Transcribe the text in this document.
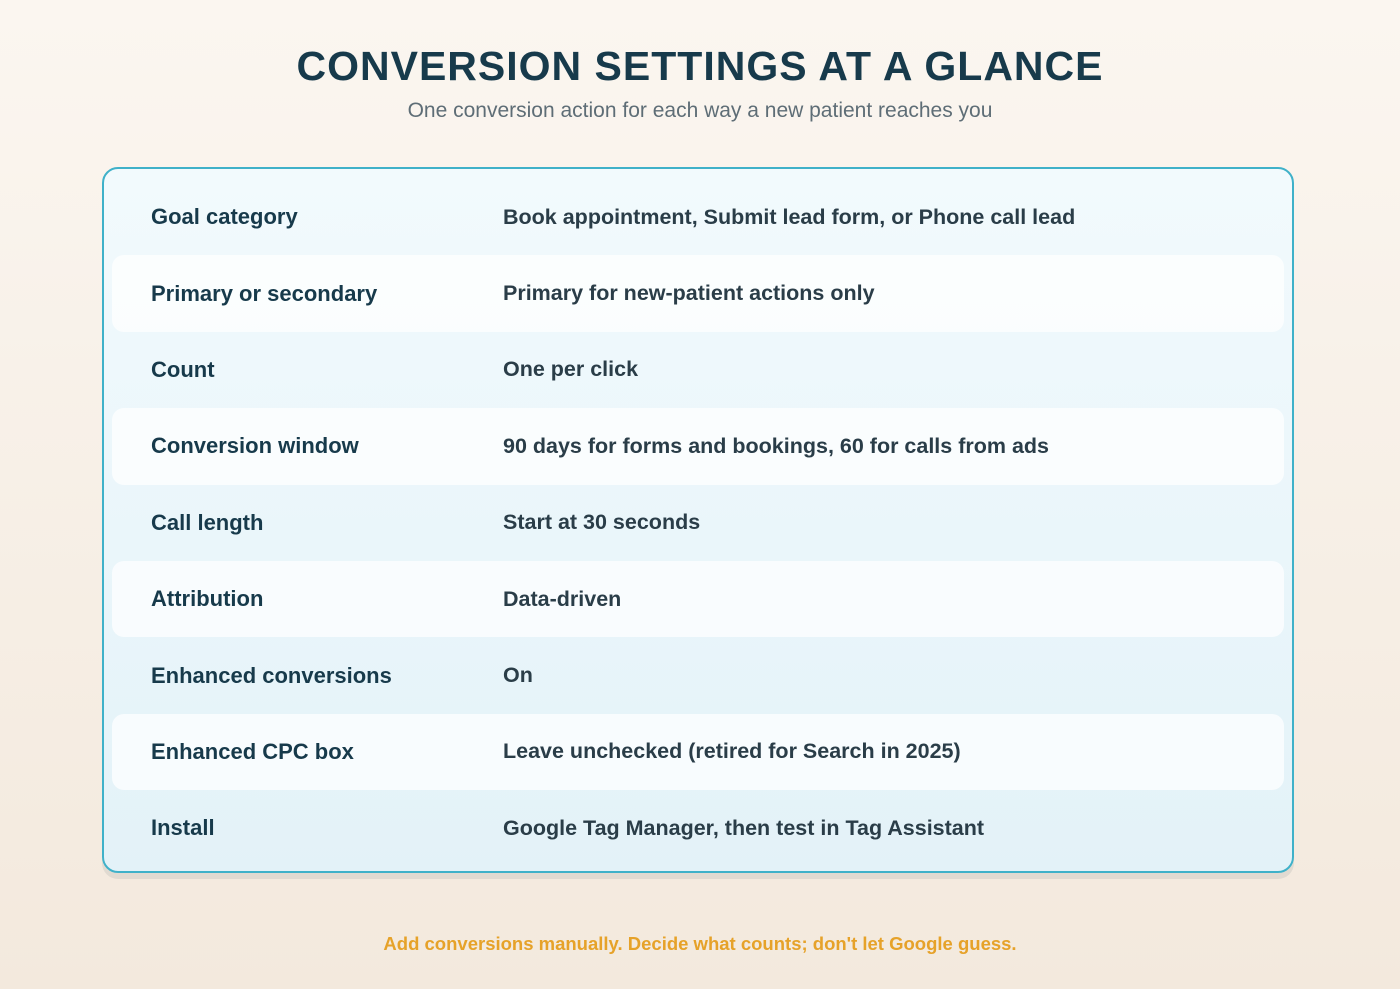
CONVERSION SETTINGS AT A GLANCE
One conversion action for each way a new patient reaches you
Goal category	Book appointment, Submit lead form, or Phone call lead
Primary or secondary	Primary for new-patient actions only
Count	One per click
Conversion window	90 days for forms and bookings, 60 for calls from ads
Call length	Start at 30 seconds
Attribution	Data-driven
Enhanced conversions	On
Enhanced CPC box	Leave unchecked (retired for Search in 2025)
Install	Google Tag Manager, then test in Tag Assistant
Add conversions manually. Decide what counts; don't let Google guess.
